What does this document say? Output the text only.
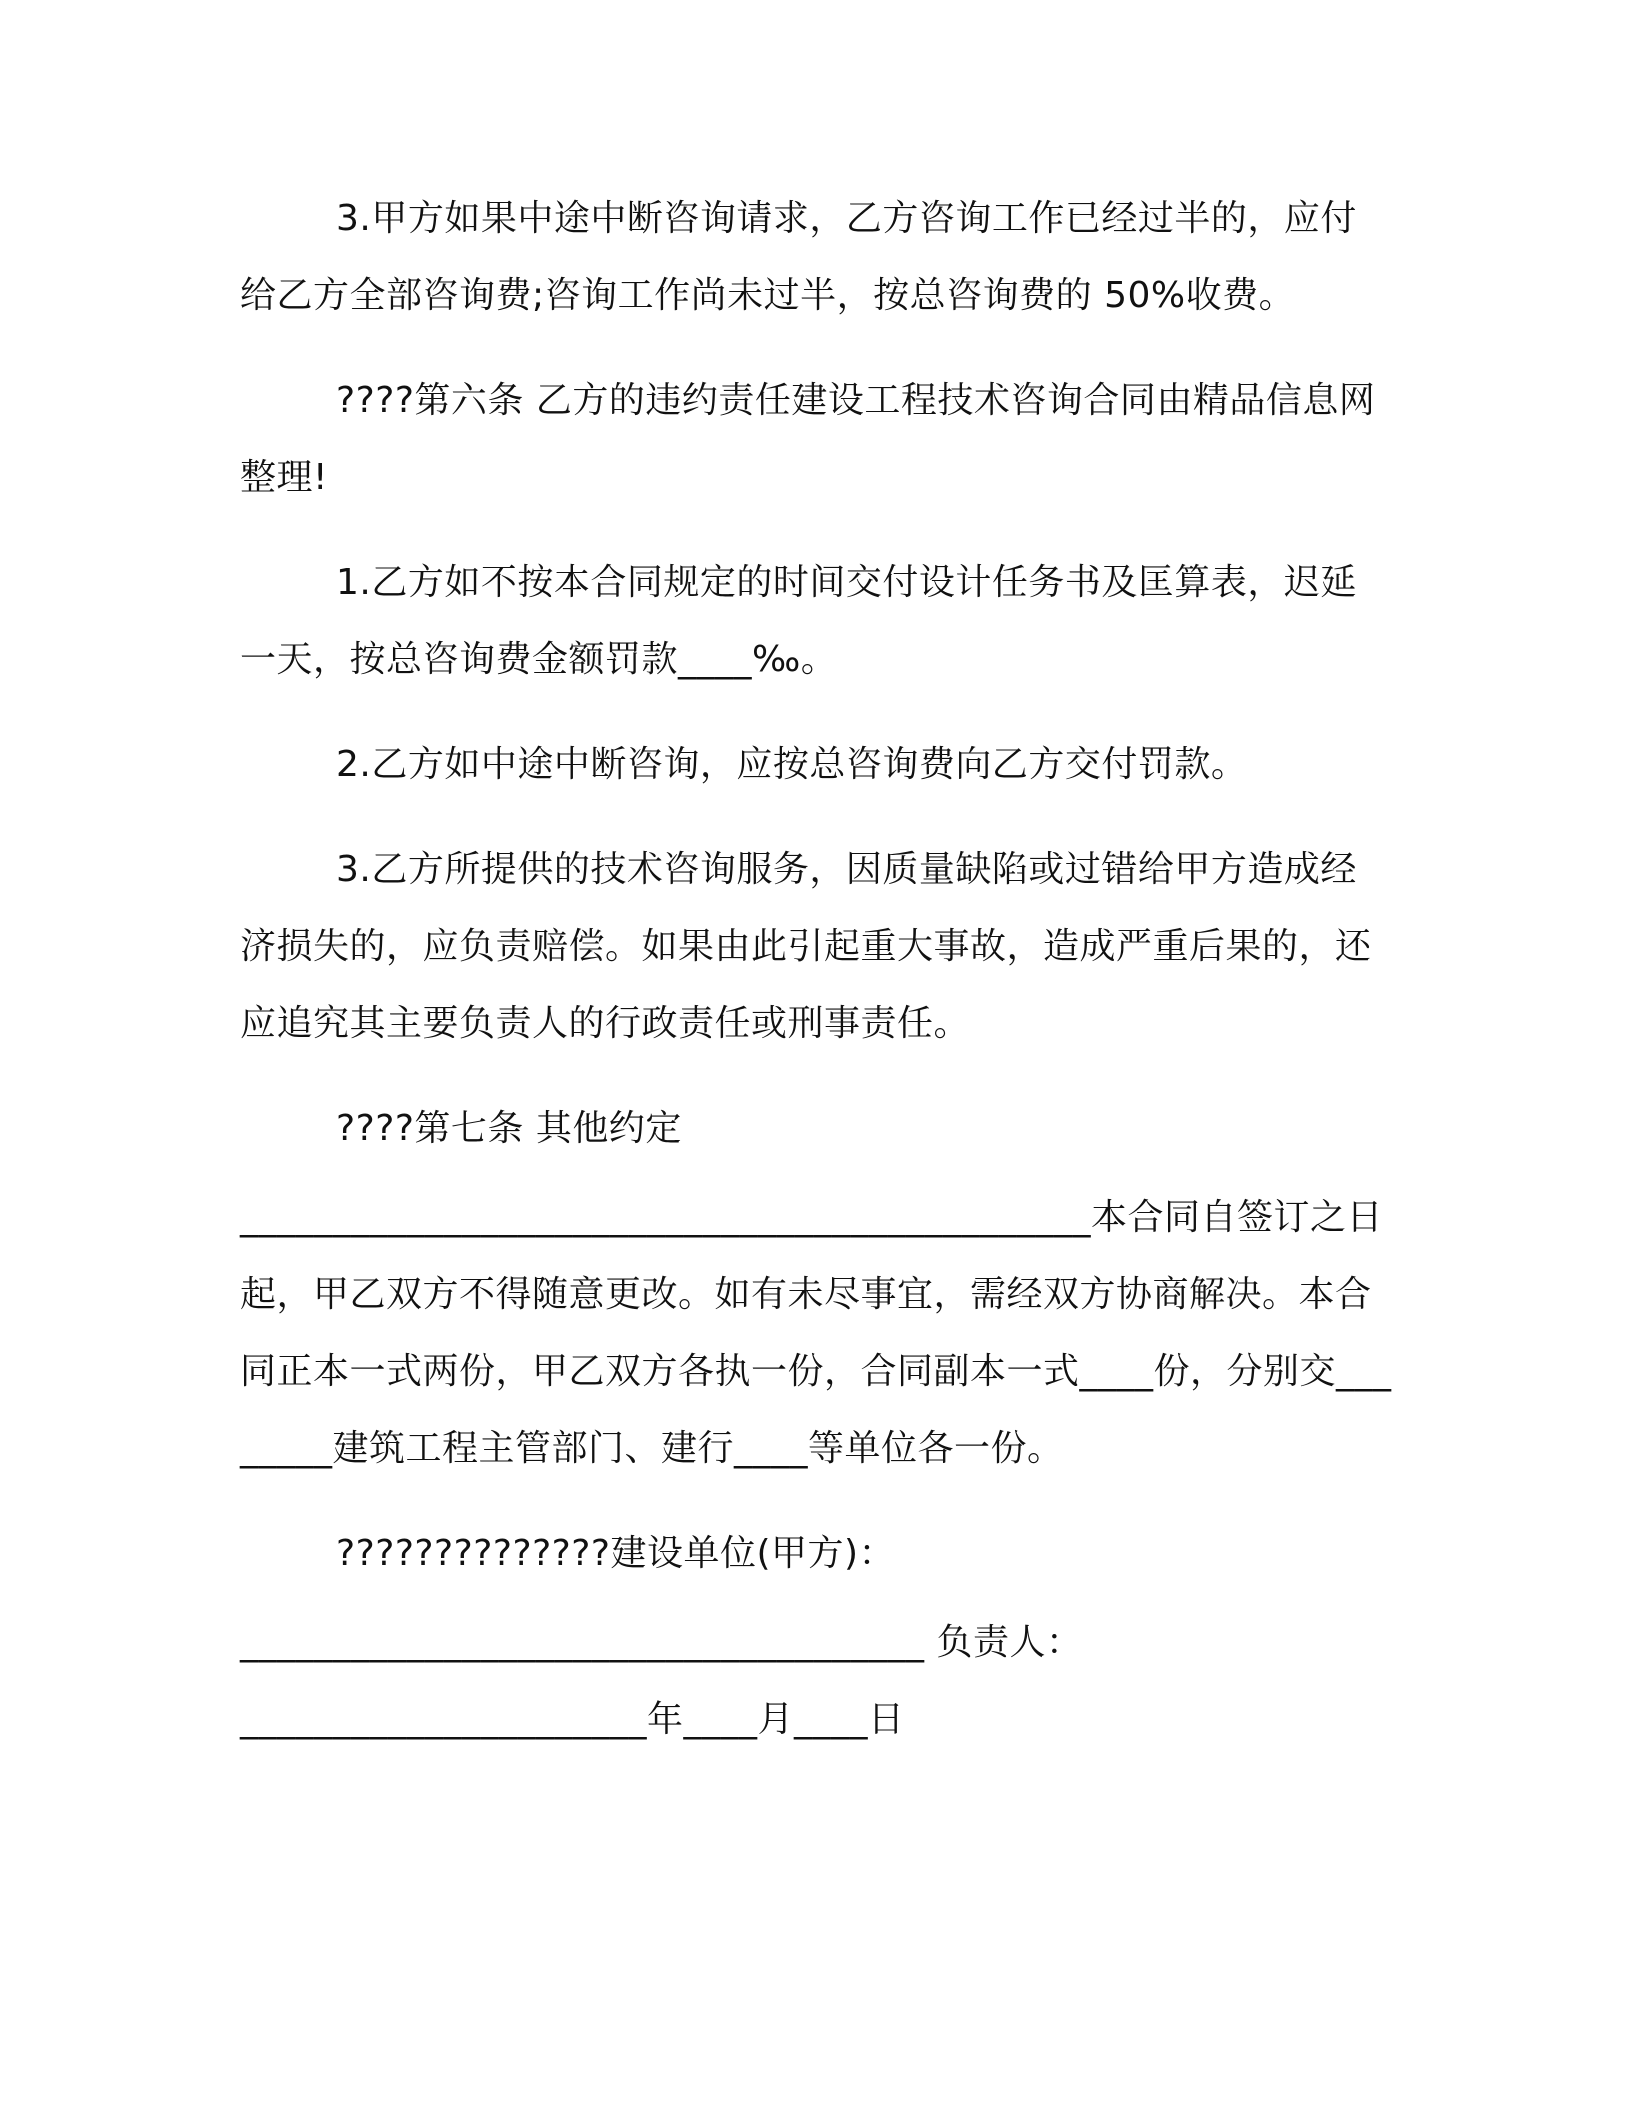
3.甲方如果中途中断咨询请求，乙方咨询工作已经过半的，应付给乙方全部咨询费;咨询工作尚未过半，按总咨询费的 50%收费。

????第六条 乙方的违约责任建设工程技术咨询合同由精品信息网整理!

1.乙方如不按本合同规定的时间交付设计任务书及匡算表，迟延一天，按总咨询费金额罚款____‰。

2.乙方如中途中断咨询，应按总咨询费向乙方交付罚款。

3.乙方所提供的技术咨询服务，因质量缺陷或过错给甲方造成经济损失的，应负责赔偿。如果由此引起重大事故，造成严重后果的，还应追究其主要负责人的行政责任或刑事责任。

????第七条 其他约定

______________________________________________本合同自签订之日起，甲乙双方不得随意更改。如有未尽事宜，需经双方协商解决。本合同正本一式两份，甲乙双方各执一份，合同副本一式____份，分别交________建筑工程主管部门、建行____等单位各一份。

??????????????建设单位(甲方)：

_____________________________________ 负责人：

______________________年____月____日
